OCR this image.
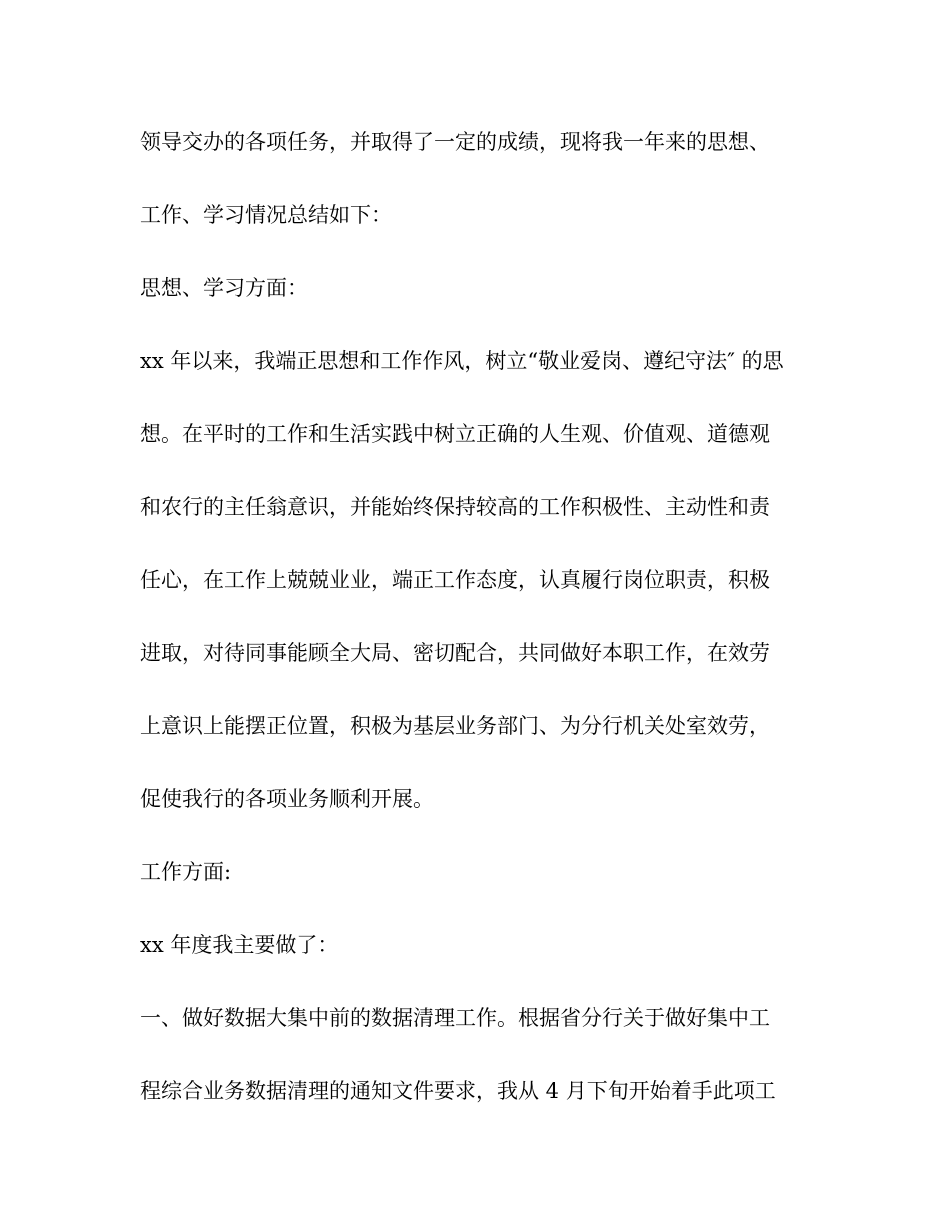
领导交办的各项任务，并取得了一定的成绩，现将我一年来的思想、

工作、学习情况总结如下：

思想、学习方面：

xx 年以来，我端正思想和工作作风，树立“敬业爱岗、遵纪守法″ 的思

想。在平时的工作和生活实践中树立正确的人生观、价值观、道德观

和农行的主任翁意识，并能始终保持较高的工作积极性、主动性和责

任心，在工作上兢兢业业，端正工作态度，认真履行岗位职责，积极

进取，对待同事能顾全大局、密切配合，共同做好本职工作，在效劳

上意识上能摆正位置，积极为基层业务部门、为分行机关处室效劳，

促使我行的各项业务顺利开展。

工作方面:

xx 年度我主要做了：

一、做好数据大集中前的数据清理工作。根据省分行关于做好集中工

程综合业务数据清理的通知文件要求，我从 4 月下旬开始着手此项工
